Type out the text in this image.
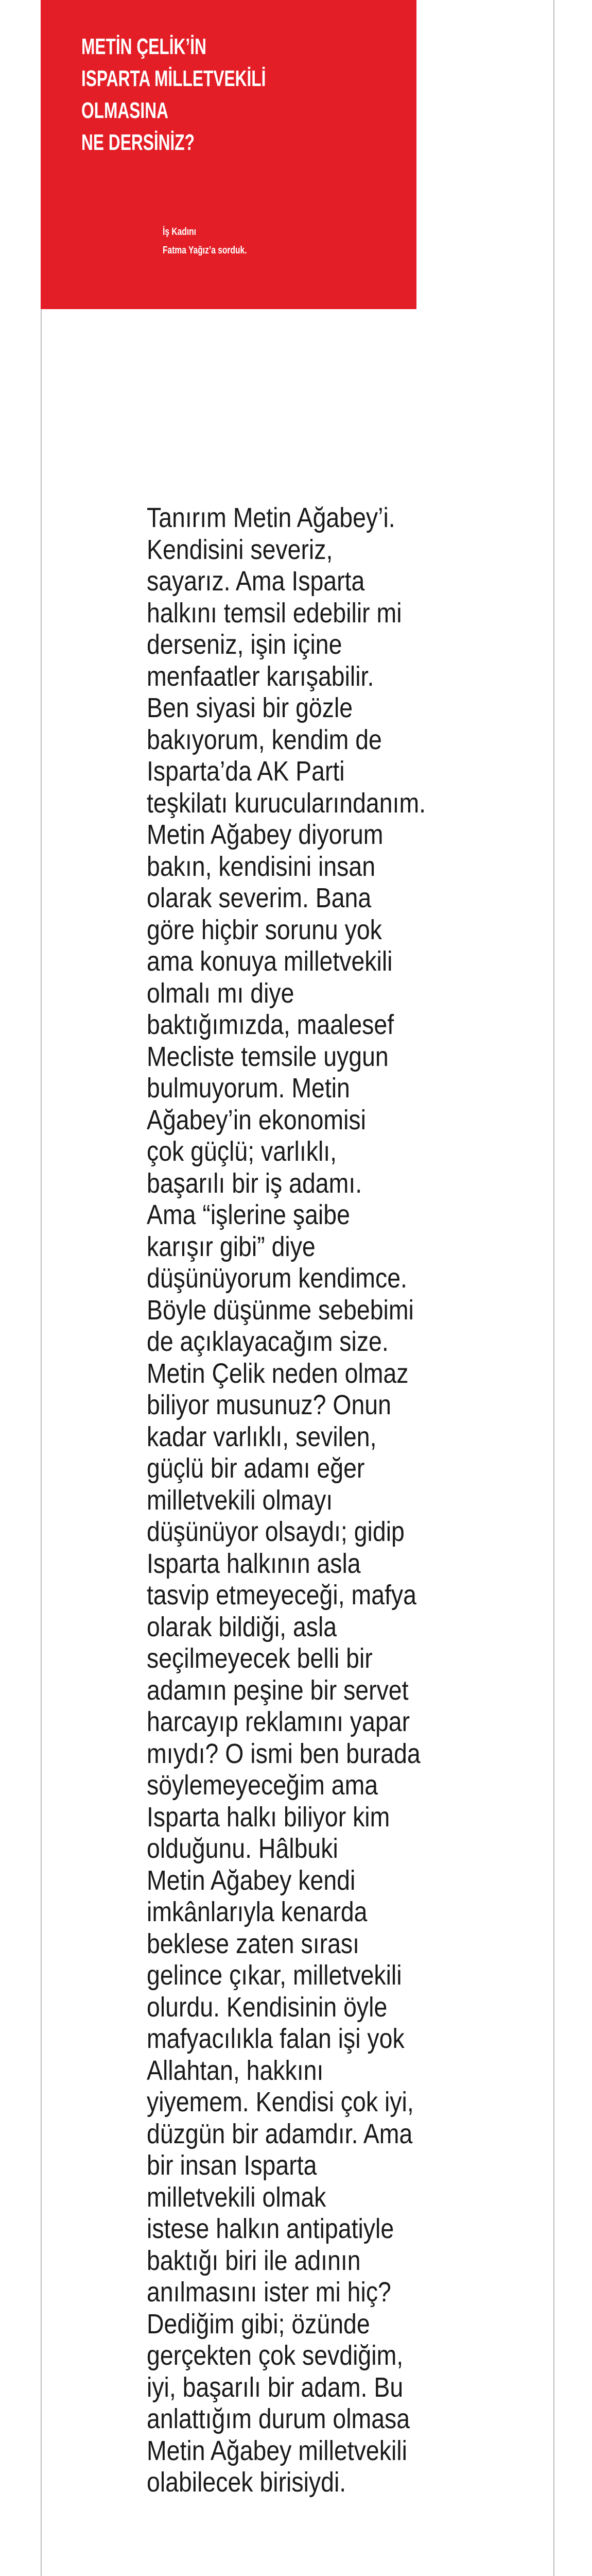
METİN ÇELİK’İN
ISPARTA MİLLETVEKİLİ
OLMASINA
NE DERSİNİZ?
İş Kadını
Fatma Yağız’a sorduk.
Tanırım Metin Ağabey’i.
Kendisini severiz,
sayarız. Ama Isparta
halkını temsil edebilir mi
derseniz, işin içine
menfaatler karışabilir.
Ben siyasi bir gözle
bakıyorum, kendim de
Isparta’da AK Parti
teşkilatı kurucularındanım.
Metin Ağabey diyorum
bakın, kendisini insan
olarak severim. Bana
göre hiçbir sorunu yok
ama konuya milletvekili
olmalı mı diye
baktığımızda, maalesef
Mecliste temsile uygun
bulmuyorum. Metin
Ağabey’in ekonomisi
çok güçlü; varlıklı,
başarılı bir iş adamı.
Ama “işlerine şaibe
karışır gibi” diye
düşünüyorum kendimce.
Böyle düşünme sebebimi
de açıklayacağım size.
Metin Çelik neden olmaz
biliyor musunuz? Onun
kadar varlıklı, sevilen,
güçlü bir adamı eğer
milletvekili olmayı
düşünüyor olsaydı; gidip
Isparta halkının asla
tasvip etmeyeceği, mafya
olarak bildiği, asla
seçilmeyecek belli bir
adamın peşine bir servet
harcayıp reklamını yapar
mıydı? O ismi ben burada
söylemeyeceğim ama
Isparta halkı biliyor kim
olduğunu. Hâlbuki
Metin Ağabey kendi
imkânlarıyla kenarda
beklese zaten sırası
gelince çıkar, milletvekili
olurdu. Kendisinin öyle
mafyacılıkla falan işi yok
Allahtan, hakkını
yiyemem. Kendisi çok iyi,
düzgün bir adamdır. Ama
bir insan Isparta
milletvekili olmak
istese halkın antipatiyle
baktığı biri ile adının
anılmasını ister mi hiç?
Dediğim gibi; özünde
gerçekten çok sevdiğim,
iyi, başarılı bir adam. Bu
anlattığım durum olmasa
Metin Ağabey milletvekili
olabilecek birisiydi.
